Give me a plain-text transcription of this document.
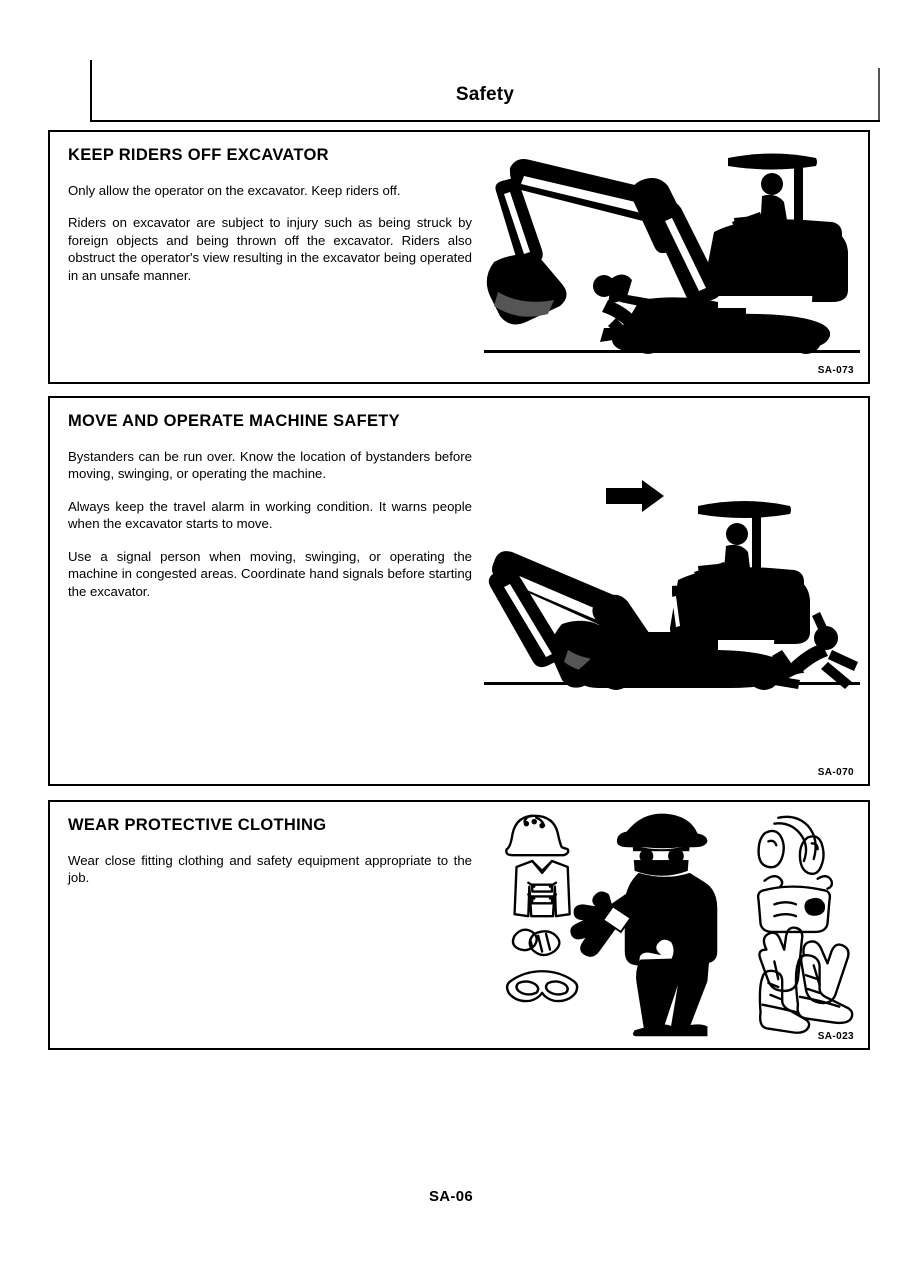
Safety
KEEP RIDERS OFF EXCAVATOR

Only allow the operator on the excavator. Keep riders off.

Riders on excavator are subject to injury such as being struck by foreign objects and being thrown off the excavator. Riders also obstruct the operator's view resulting in the excavator being operated in an unsafe manner.

SA-073
MOVE AND OPERATE MACHINE SAFETY

Bystanders can be run over. Know the location of bystanders before moving, swinging, or operating the machine.

Always keep the travel alarm in working condition. It warns people when the excavator starts to move.

Use a signal person when moving, swinging, or operating the machine in congested areas. Coordinate hand signals before starting the excavator.

SA-070
WEAR PROTECTIVE CLOTHING

Wear close fitting clothing and safety equipment appropriate to the job.

SA-023
SA-06
